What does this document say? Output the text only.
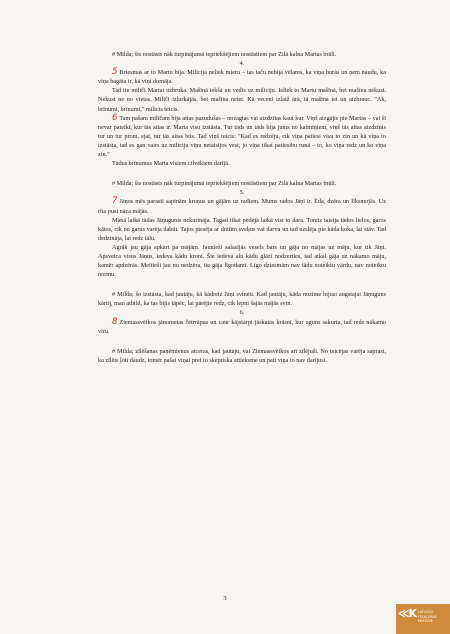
# Milda; šis nostāsts nāk turpinājumā iepriekšējiem nostāstiem par Zilā kalna Martas brāli.

4.

5 Briesmas ar to Martu bija. Milicija neliek mieru – tas taču nebija vēlams, ka viņa burās un ņem naudu, ka viņa bagāta ir, kā viņi domāja.

Tad tie milīči Martai uzbruka. Mašīnā iekšā un vedīs uz miliciju. Ieliek to Martu mašīnā, bet mašīna nekust. Nekust ne no vietas. Milīči izļurkājās, bet mašīna neiet. Kā veceni izlaiž ārā, tā mašīna iet un aizbrauc. "Ak, brīnumi, brīnumi," milicis teicis.

6 Tam pašam milīčam bija aitas pazudušas – nozagtas vai aizdzītas kaut kur. Viņš aizgājis pie Martas – vai šī nevar pateikt, kur tās aitas ir. Marta visu izstāsta. Tur tāds un tāds bija jums no kaimiņiem, viņš tās aitas aizdzinis tur un tur prom, ejat, tur tās aitas būs. Tad viņš teicis: "Kad es redzēju, cik viņa patiesi visu to zin un kā viņa to izstāsta, tad es gan vairs uz miliciju viņu netaisījos vest, jo viņa tikai patiesību runā – to, ko viņa redz un ko viņa zin."

Tādus brīnumus Marta visiem cilvēkiem darījā.

# Milda; šis nostāsts nāk turpinājumā iepriekšējiem nostāstiem par Zilā kalna Martas brāli.

5.

7 Jāņos mēs parasti sapinām kroņus un gājām uz radiem. Mums rados Jāņi ir. Ēda, dzēra un Ilksmojās. Uz rīta pusi nāca mājās.

Manā laikā tādas Jāņugunis nekurināja. Tagad tikai pēdējā laikā visi to dara. Toreiz taisīja tādos lielos, garos kātos, cik nu garus varēja dabūt. Tajos piesēja ar drātīm sveķus vai darvu un tad uzslēja pie kāda koka, lai stāv. Tad dedzināja, lai redz tālu.

Agrāk jau gāja apkārt pa mājām. Jaunieši salasījās vesels bars un gāja no mājas uz māju, kur tik Jāņi. Apsveica visus Jāņus, iedeva kādu kroni. Šie iedeva alu kādu glāzi nodzerties, tad atkal gāja uz nākamo māju, kamēr apdzērās. Meitieši jau nu nedzēra, tie gāja līgodami. Līgo dziesmām nav tādu noteiktu vārdu, nav noteiktu normu.

# Milda; šo izstāsta, kad jautāju, kā kādreiz Jāņi svinēti. Kad jautāju, kāda nozīme bijusi augstajai Jāņuguns kārtij, man atbild, ka tas bijis tāpēc, lai pārējie redz, cik lepni šajās mājās svin.

6.

8 Ziemassvētkos jānometas četrrāpus un caur kājstarpi jāskatās krāsnī, kur uguns sakurta, tad redz nākamo vīru.

# Milda; zīlēšanas paņēmienus atceras, kad jautāju, vai Ziemassvētkos arī zīlējuši. No teicējas varēja saprast, ka zīlēts ļoti daudz, tomēr pašai viņai pret to skeptiska attieksme un pati viņa to nav darījusi.

3
≪K LATVIEŠU
FOLKLORAS
KRĀTUVE
